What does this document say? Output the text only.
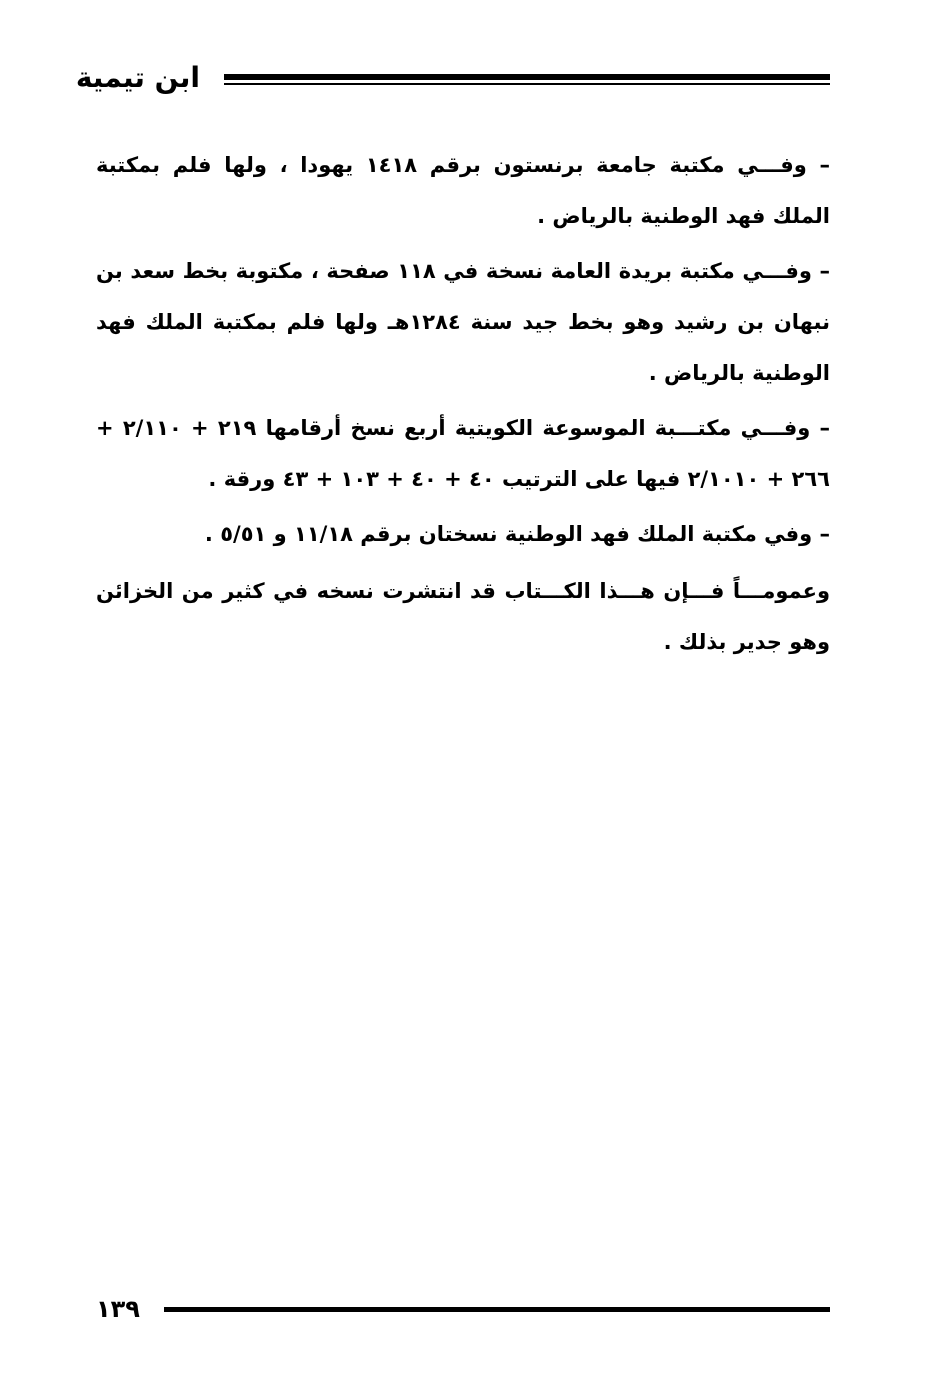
ابن تيمية

– وفـــي مكتبة جامعة برنستون برقم ١٤١٨ يهودا ، ولها فلم بمكتبة الملك فهد الوطنية بالرياض .

– وفـــي مكتبة بريدة العامة نسخة في ١١٨ صفحة ، مكتوبة بخط سعد بن نبهان بن رشيد وهو بخط جيد سنة ١٢٨٤هـ ولها فلم بمكتبة الملك فهد الوطنية بالرياض .

– وفـــي مكتـــبة الموسوعة الكويتية أربع نسخ أرقامها ٢١٩ + ٢/١١٠ + ٢٦٦ + ٢/١٠١٠ فيها على الترتيب ٤٠ + ٤٠ + ١٠٣ + ٤٣ ورقة .

– وفي مكتبة الملك فهد الوطنية نسختان برقم ١١/١٨ و ٥/٥١ .

وعمومـــاً فـــإن هـــذا الكـــتاب قد انتشرت نسخه في كثير من الخزائن وهو جدير بذلك .

١٣٩
